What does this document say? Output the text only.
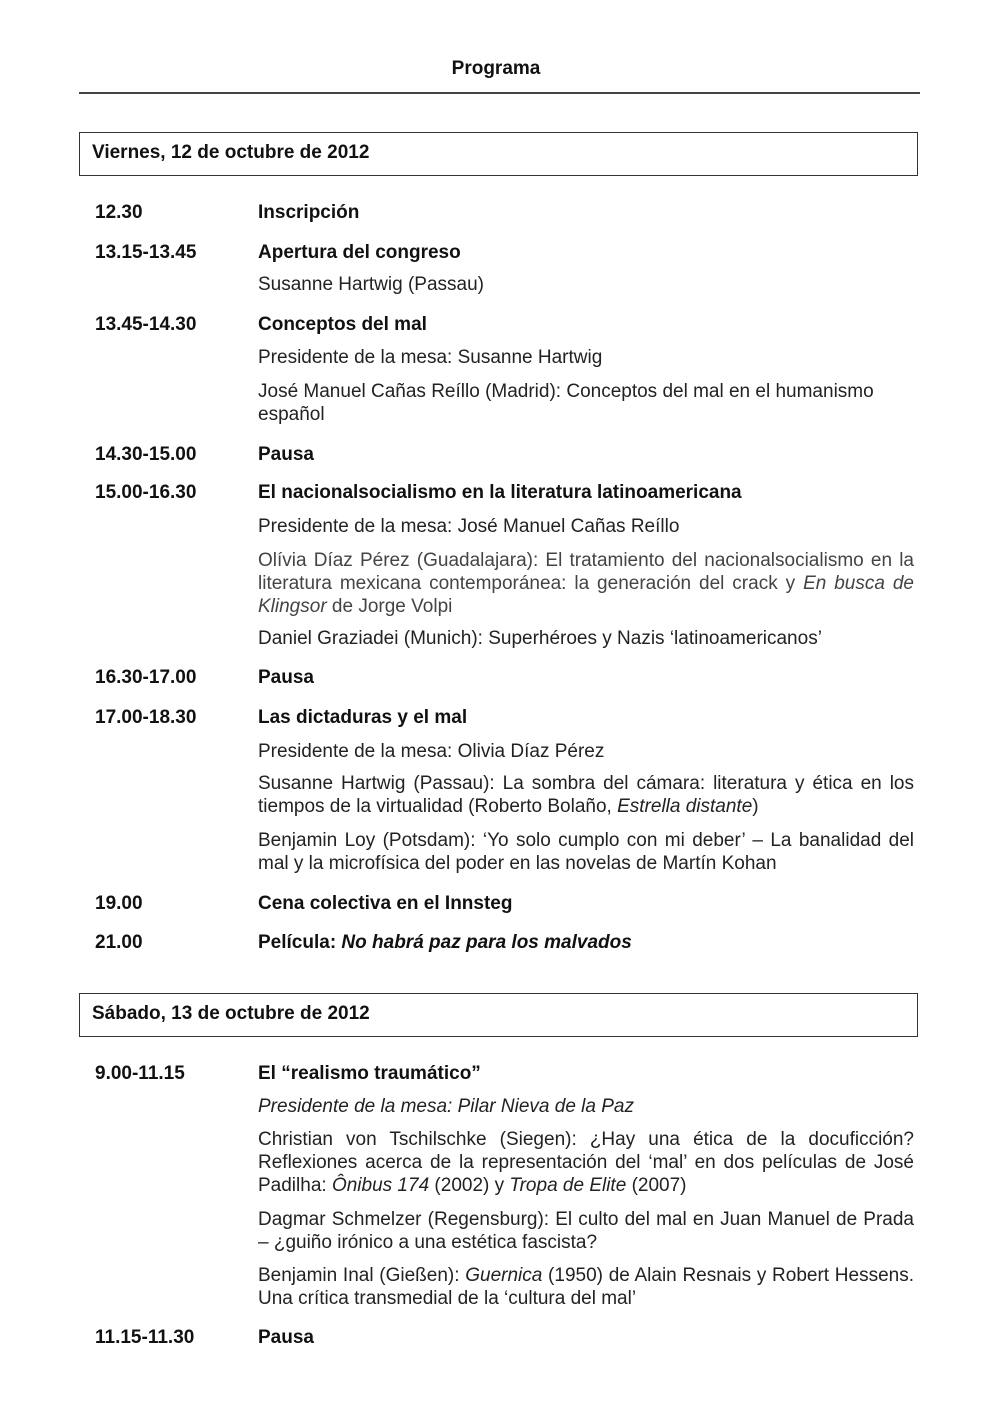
Programa
Viernes, 12 de octubre de 2012
12.30	Inscripción
13.15-13.45	Apertura del congreso
Susanne Hartwig (Passau)
13.45-14.30	Conceptos del mal
Presidente de la mesa: Susanne Hartwig
José Manuel Cañas Reíllo (Madrid): Conceptos del mal en el humanismo español
14.30-15.00	Pausa
15.00-16.30	El nacionalsocialismo en la literatura latinoamericana
Presidente de la mesa: José Manuel Cañas Reíllo
Olívia Díaz Pérez (Guadalajara): El tratamiento del nacionalsocialismo en la literatura mexicana contemporánea: la generación del crack y En busca de Klingsor de Jorge Volpi
Daniel Graziadei (Munich): Superhéroes y Nazis ‘latinoamericanos’
16.30-17.00	Pausa
17.00-18.30	Las dictaduras y el mal
Presidente de la mesa: Olivia Díaz Pérez
Susanne Hartwig (Passau): La sombra del cámara: literatura y ética en los tiempos de la virtualidad (Roberto Bolaño, Estrella distante)
Benjamin Loy (Potsdam): ‘Yo solo cumplo con mi deber’ – La banalidad del mal y la microfísica del poder en las novelas de Martín Kohan
19.00	Cena colectiva en el Innsteg
21.00	Película: No habrá paz para los malvados
Sábado, 13 de octubre de 2012
9.00-11.15	El “realismo traumático”
Presidente de la mesa: Pilar Nieva de la Paz
Christian von Tschilschke (Siegen): ¿Hay una ética de la docuficción? Reflexiones acerca de la representación del ‘mal’ en dos películas de José Padilha: Ônibus 174 (2002) y Tropa de Elite (2007)
Dagmar Schmelzer (Regensburg): El culto del mal en Juan Manuel de Prada – ¿guiño irónico a una estética fascista?
Benjamin Inal (Gießen): Guernica (1950) de Alain Resnais y Robert Hessens. Una crítica transmedial de la ‘cultura del mal’
11.15-11.30	Pausa
